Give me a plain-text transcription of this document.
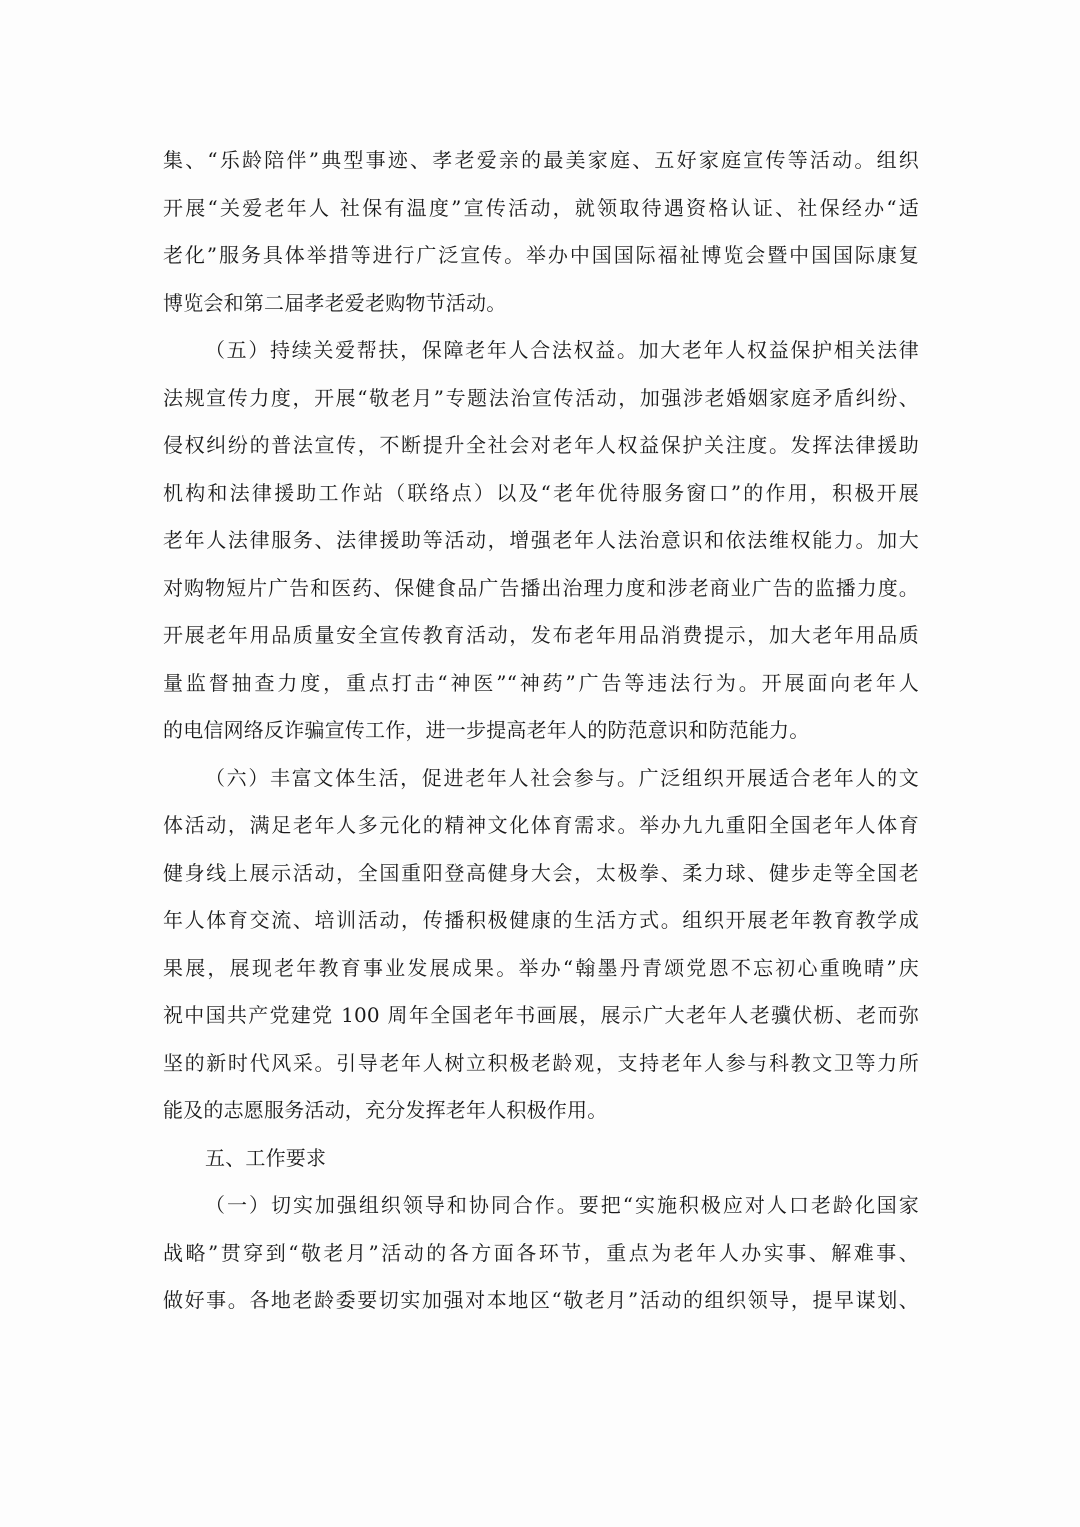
集、“乐龄陪伴”典型事迹、孝老爱亲的最美家庭、五好家庭宣传等活动。组织
开展“关爱老年人 社保有温度”宣传活动，就领取待遇资格认证、社保经办“适
老化”服务具体举措等进行广泛宣传。举办中国国际福祉博览会暨中国国际康复
博览会和第二届孝老爱老购物节活动。
（五）持续关爱帮扶，保障老年人合法权益。加大老年人权益保护相关法律
法规宣传力度，开展“敬老月”专题法治宣传活动，加强涉老婚姻家庭矛盾纠纷、
侵权纠纷的普法宣传，不断提升全社会对老年人权益保护关注度。发挥法律援助
机构和法律援助工作站（联络点）以及“老年优待服务窗口”的作用，积极开展
老年人法律服务、法律援助等活动，增强老年人法治意识和依法维权能力。加大
对购物短片广告和医药、保健食品广告播出治理力度和涉老商业广告的监播力度。
开展老年用品质量安全宣传教育活动，发布老年用品消费提示，加大老年用品质
量监督抽查力度，重点打击“神医”“神药”广告等违法行为。开展面向老年人
的电信网络反诈骗宣传工作，进一步提高老年人的防范意识和防范能力。
（六）丰富文体生活，促进老年人社会参与。广泛组织开展适合老年人的文
体活动，满足老年人多元化的精神文化体育需求。举办九九重阳全国老年人体育
健身线上展示活动，全国重阳登高健身大会，太极拳、柔力球、健步走等全国老
年人体育交流、培训活动，传播积极健康的生活方式。组织开展老年教育教学成
果展，展现老年教育事业发展成果。举办“翰墨丹青颂党恩不忘初心重晚晴”庆
祝中国共产党建党 100 周年全国老年书画展，展示广大老年人老骥伏枥、老而弥
坚的新时代风采。引导老年人树立积极老龄观，支持老年人参与科教文卫等力所
能及的志愿服务活动，充分发挥老年人积极作用。
五、工作要求
（一）切实加强组织领导和协同合作。要把“实施积极应对人口老龄化国家
战略”贯穿到“敬老月”活动的各方面各环节，重点为老年人办实事、解难事、
做好事。各地老龄委要切实加强对本地区“敬老月”活动的组织领导，提早谋划、
